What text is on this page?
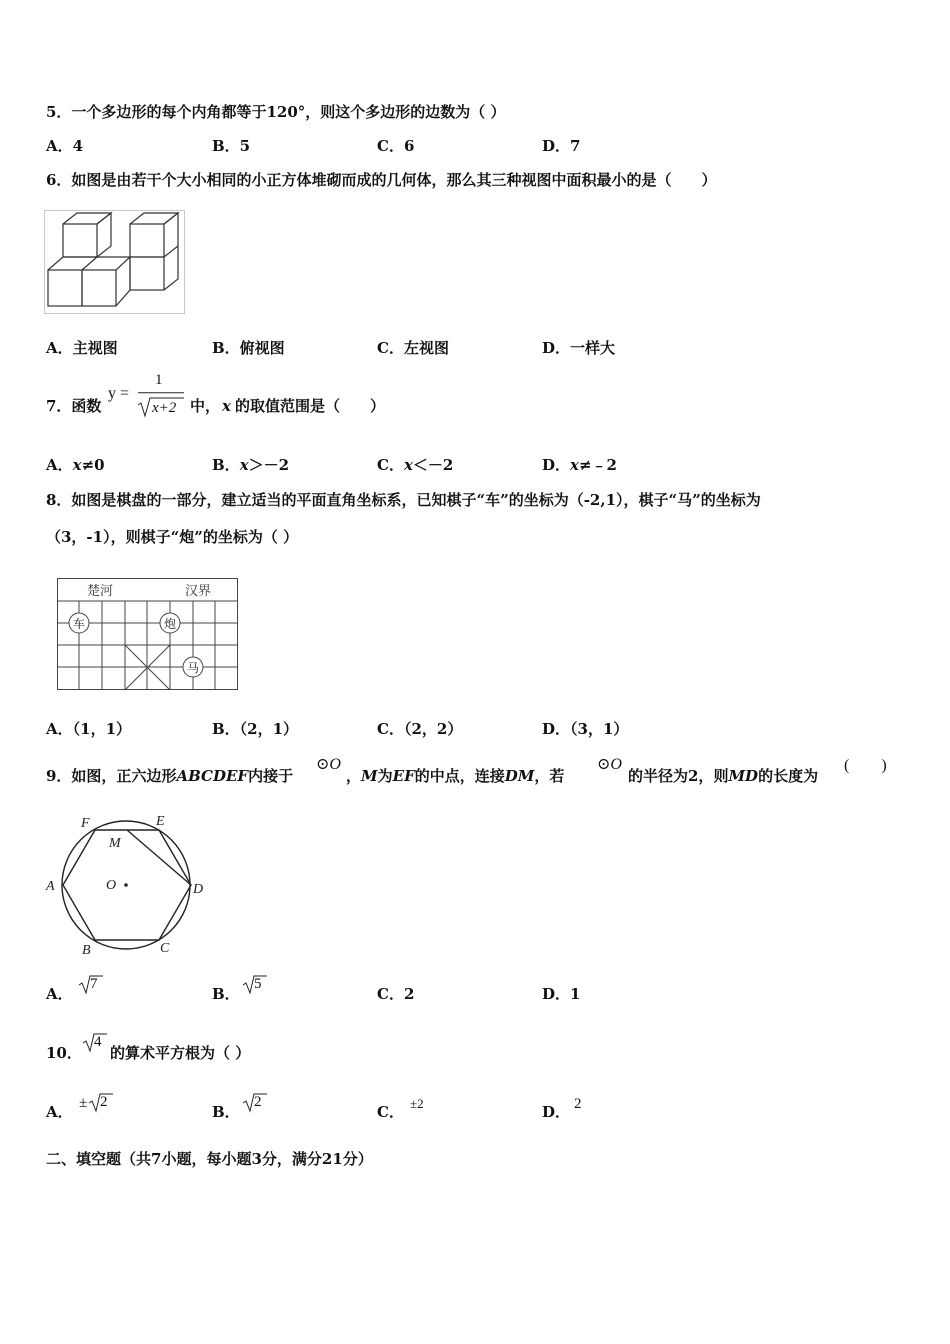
5．一个多边形的每个内角都等于120°，则这个多边形的边数为（ ）
A．4	B．5	C．6	D．7
6．如图是由若干个大小相同的小正方体堆砌而成的几何体，那么其三种视图中面积最小的是（　　）
A．主视图	B．俯视图	C．左视图	D．一样大
7．函数
y =
1
x+2 中， x 的取值范围是（　　）
A．x≠0	B．x＞－2	C．x＜－2	D．x≠﹣2
8．如图是棋盘的一部分，建立适当的平面直角坐标系，已知棋子“车”的坐标为（-2,1），棋子“马”的坐标为
（3，-1），则棋子“炮”的坐标为（ ）
楚河	汉界
车	炮
马
A．（1，1）	B．（2，1）	C．（2，2）	D．（3，1）
9．如图，正六边形ABCDEF内接于
⊙O
，M为EF的中点，连接DM，若
⊙O
的半径为2，则MD的长度为
(　　)
F	E
M
A	O	D
B	C
A．
7
B．
5
C．2	D．1
10．
4
的算术平方根为（ ）
A． ± 2
B．
2
C． ±2	D． 2
二、填空题（共7小题，每小题3分，满分21分）
